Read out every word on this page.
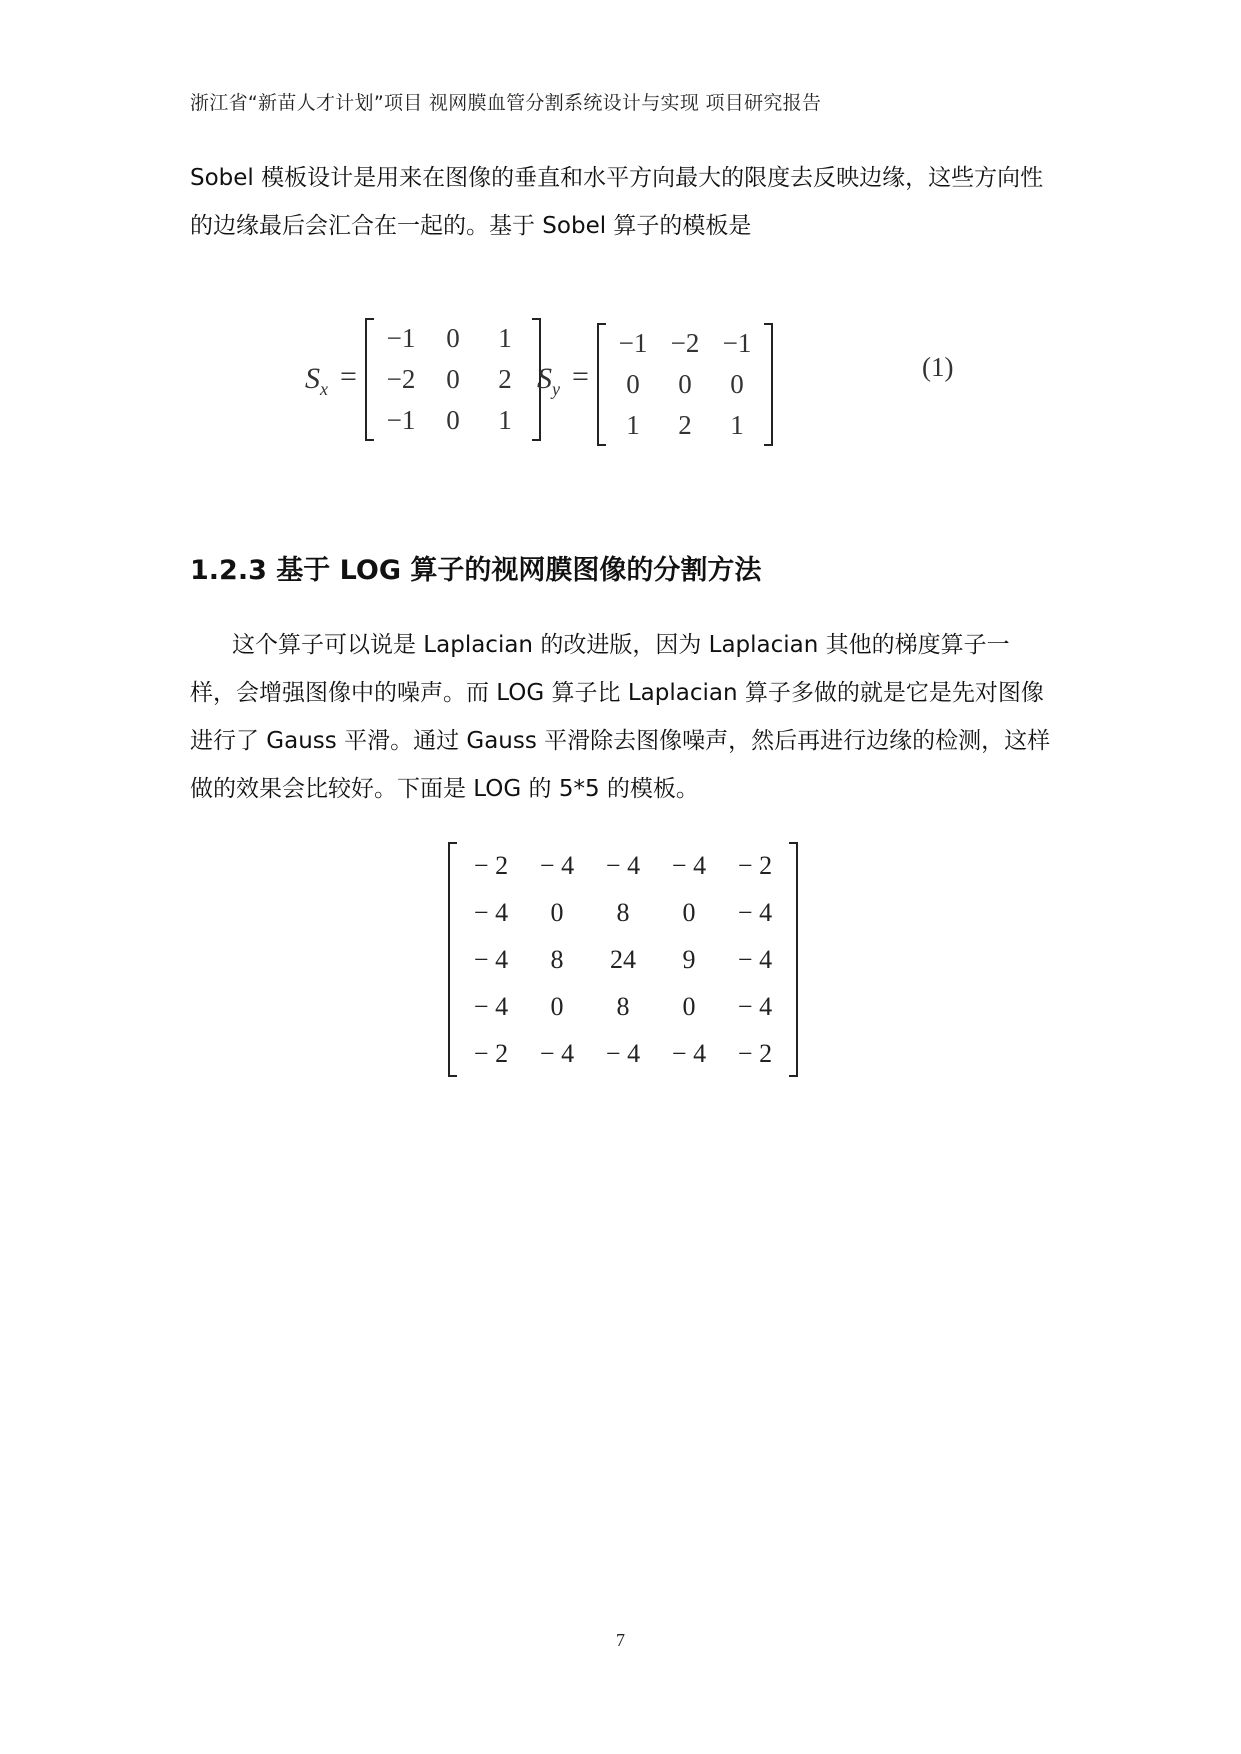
浙江省“新苗人才计划”项目 视网膜血管分割系统设计与实现 项目研究报告

Sobel 模板设计是用来在图像的垂直和水平方向最大的限度去反映边缘，这些方向性的边缘最后会汇合在一起的。基于 Sobel 算子的模板是

$S_x$ =
−1 0 1
−2 0 2
−1 0 1
$S_y$ =
−1 −2 −1
0 0 0
1 2 1
(1)
1.2.3 基于 LOG 算子的视网膜图像的分割方法

这个算子可以说是 Laplacian 的改进版，因为 Laplacian 其他的梯度算子一样，会增强图像中的噪声。而 LOG 算子比 Laplacian 算子多做的就是它是先对图像进行了 Gauss 平滑。通过 Gauss 平滑除去图像噪声，然后再进行边缘的检测，这样做的效果会比较好。下面是 LOG 的 5*5 的模板。

− 2 − 4 − 4 − 4 − 2
− 4 0 8 0 − 4
− 4 8 24 9 − 4
− 4 0 8 0 − 4
− 2 − 4 − 4 − 4 − 2
7
